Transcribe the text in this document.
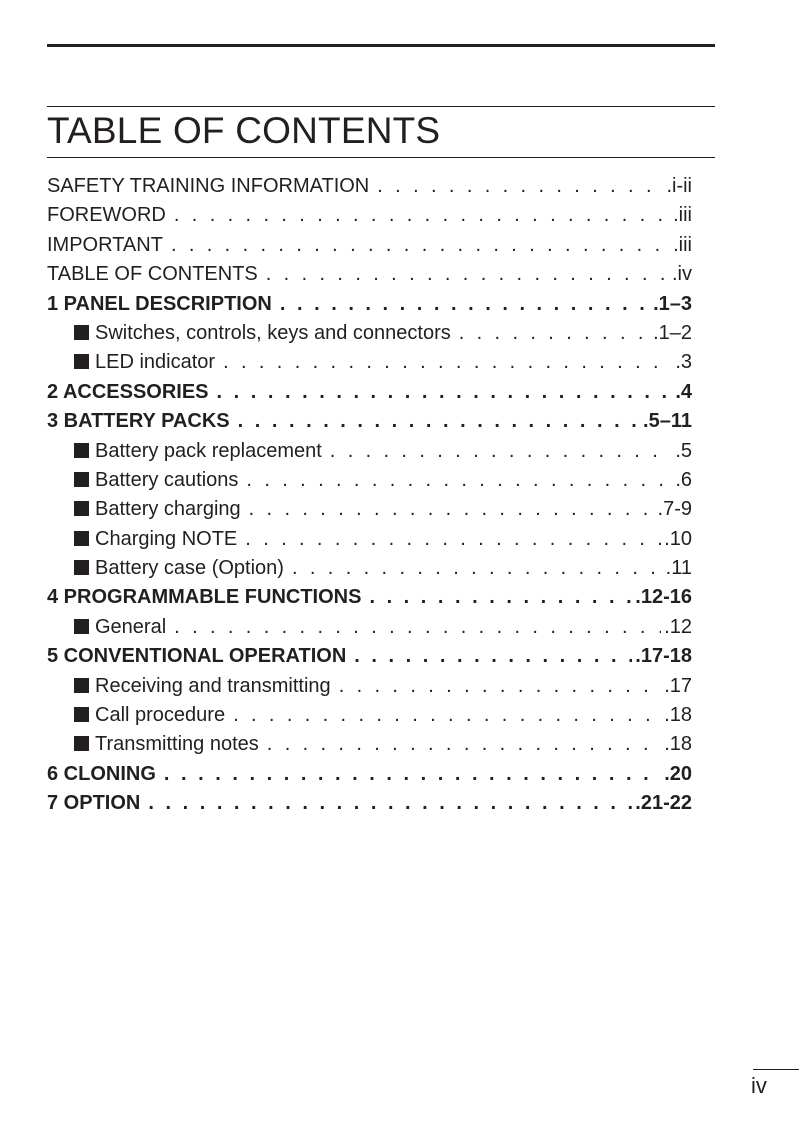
TABLE OF CONTENTS
SAFETY TRAINING INFORMATION . . .	.i-ii
FOREWORD . . .	.iii
IMPORTANT . . .	.iii
TABLE OF CONTENTS . . .	.iv
1 PANEL DESCRIPTION . . .	.1–3
Switches, controls, keys and connectors . . .	.1–2
LED indicator . . .	.3
2 ACCESSORIES . . .	.4
3 BATTERY PACKS . . .	.5–11
Battery pack replacement . . .	.5
Battery cautions . . .	.6
Battery charging . . .	.7-9
Charging NOTE . . .	.10
Battery case (Option) . . .	.11
4 PROGRAMMABLE FUNCTIONS . . .	.12-16
General . . .	.12
5 CONVENTIONAL OPERATION . . .	.17-18
Receiving and transmitting . . .	.17
Call procedure . . .	.18
Transmitting notes . . .	.18
6 CLONING . . .	.20
7 OPTION . . .	.21-22
iv
